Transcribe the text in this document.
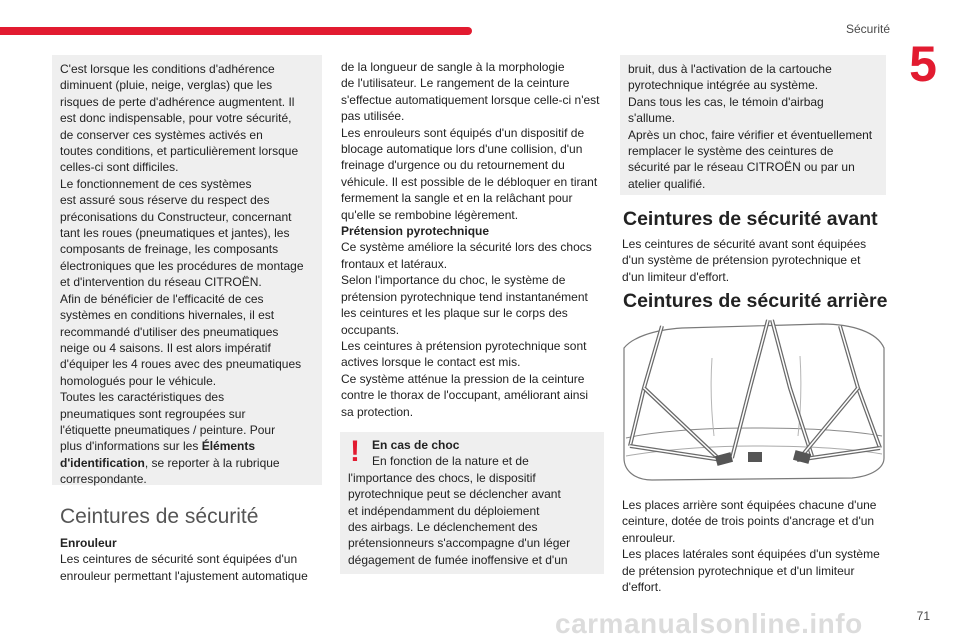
Sécurité
5
71
carmanualsonline.info

C'est lorsque les conditions d'adhérence
diminuent (pluie, neige, verglas) que les
risques de perte d'adhérence augmentent. Il
est donc indispensable, pour votre sécurité,
de conserver ces systèmes activés en
toutes conditions, et particulièrement lorsque
celles-ci sont difficiles.
Le fonctionnement de ces systèmes
est assuré sous réserve du respect des
préconisations du Constructeur, concernant
tant les roues (pneumatiques et jantes), les
composants de freinage, les composants
électroniques que les procédures de montage
et d'intervention du réseau CITROËN.
Afin de bénéficier de l'efficacité de ces
systèmes en conditions hivernales, il est
recommandé d'utiliser des pneumatiques
neige ou 4 saisons. Il est alors impératif
d'équiper les 4 roues avec des pneumatiques
homologués pour le véhicule.
Toutes les caractéristiques des
pneumatiques sont regroupées sur
l'étiquette pneumatiques / peinture. Pour
plus d'informations sur les Éléments
d'identification, se reporter à la rubrique
correspondante.

Ceintures de sécurité

Enrouleur

Les ceintures de sécurité sont équipées d'un
enrouleur permettant l'ajustement automatique

de la longueur de sangle à la morphologie
de l'utilisateur. Le rangement de la ceinture
s'effectue automatiquement lorsque celle-ci n'est
pas utilisée.
Les enrouleurs sont équipés d'un dispositif de
blocage automatique lors d'une collision, d'un
freinage d'urgence ou du retournement du
véhicule. Il est possible de le débloquer en tirant
fermement la sangle et en la relâchant pour
qu'elle se rembobine légèrement.

Prétension pyrotechnique

Ce système améliore la sécurité lors des chocs
frontaux et latéraux.
Selon l'importance du choc, le système de
prétension pyrotechnique tend instantanément
les ceintures et les plaque sur le corps des
occupants.
Les ceintures à prétension pyrotechnique sont
actives lorsque le contact est mis.

Ce système atténue la pression de la ceinture
contre le thorax de l'occupant, améliorant ainsi
sa protection.

! En cas de choc

En fonction de la nature et de

l'importance des chocs, le dispositif
pyrotechnique peut se déclencher avant
et indépendamment du déploiement
des airbags. Le déclenchement des
prétensionneurs s'accompagne d'un léger
dégagement de fumée inoffensive et d'un

bruit, dus à l'activation de la cartouche
pyrotechnique intégrée au système.
Dans tous les cas, le témoin d'airbag
s'allume.
Après un choc, faire vérifier et éventuellement
remplacer le système des ceintures de
sécurité par le réseau CITROËN ou par un
atelier qualifié.

Ceintures de sécurité avant

Les ceintures de sécurité avant sont équipées
d'un système de prétension pyrotechnique et
d'un limiteur d'effort.

Ceintures de sécurité arrière

Les places arrière sont équipées chacune d'une
ceinture, dotée de trois points d'ancrage et d'un
enrouleur.
Les places latérales sont équipées d'un système
de prétension pyrotechnique et d'un limiteur
d'effort.
